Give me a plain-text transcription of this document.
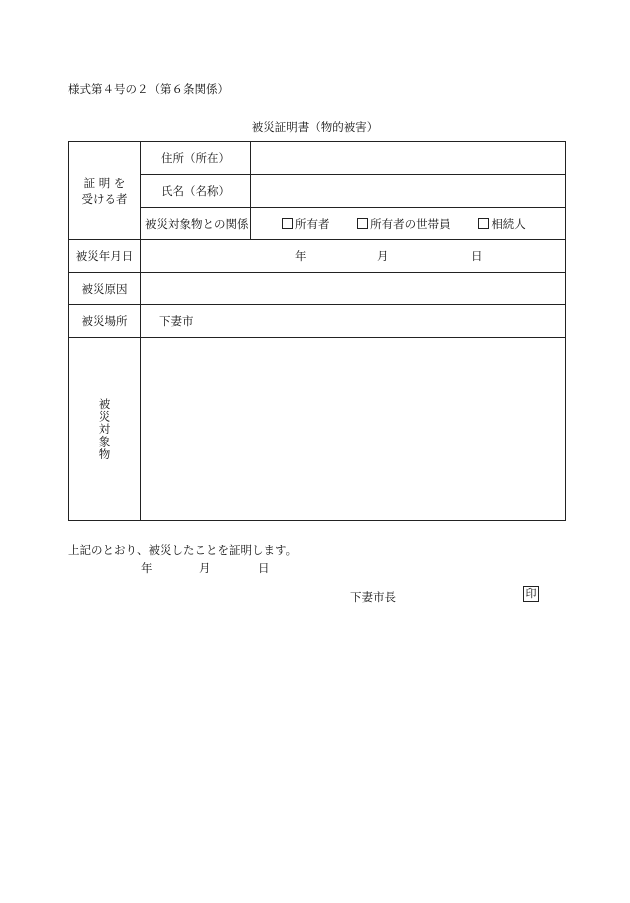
様式第４号の２（第６条関係）
被災証明書（物的被害）
証 明 を
受ける者	住所（所在）	
	氏名（名称）	
	被災対象物との関係	所有者 所有者の世帯員 相続人
被災年月日	年 月 日	

被災原因		
被災場所	下妻市	

被災対象物		

上記のとおり、被災したことを証明します。
年	月	日
下妻市長	印
